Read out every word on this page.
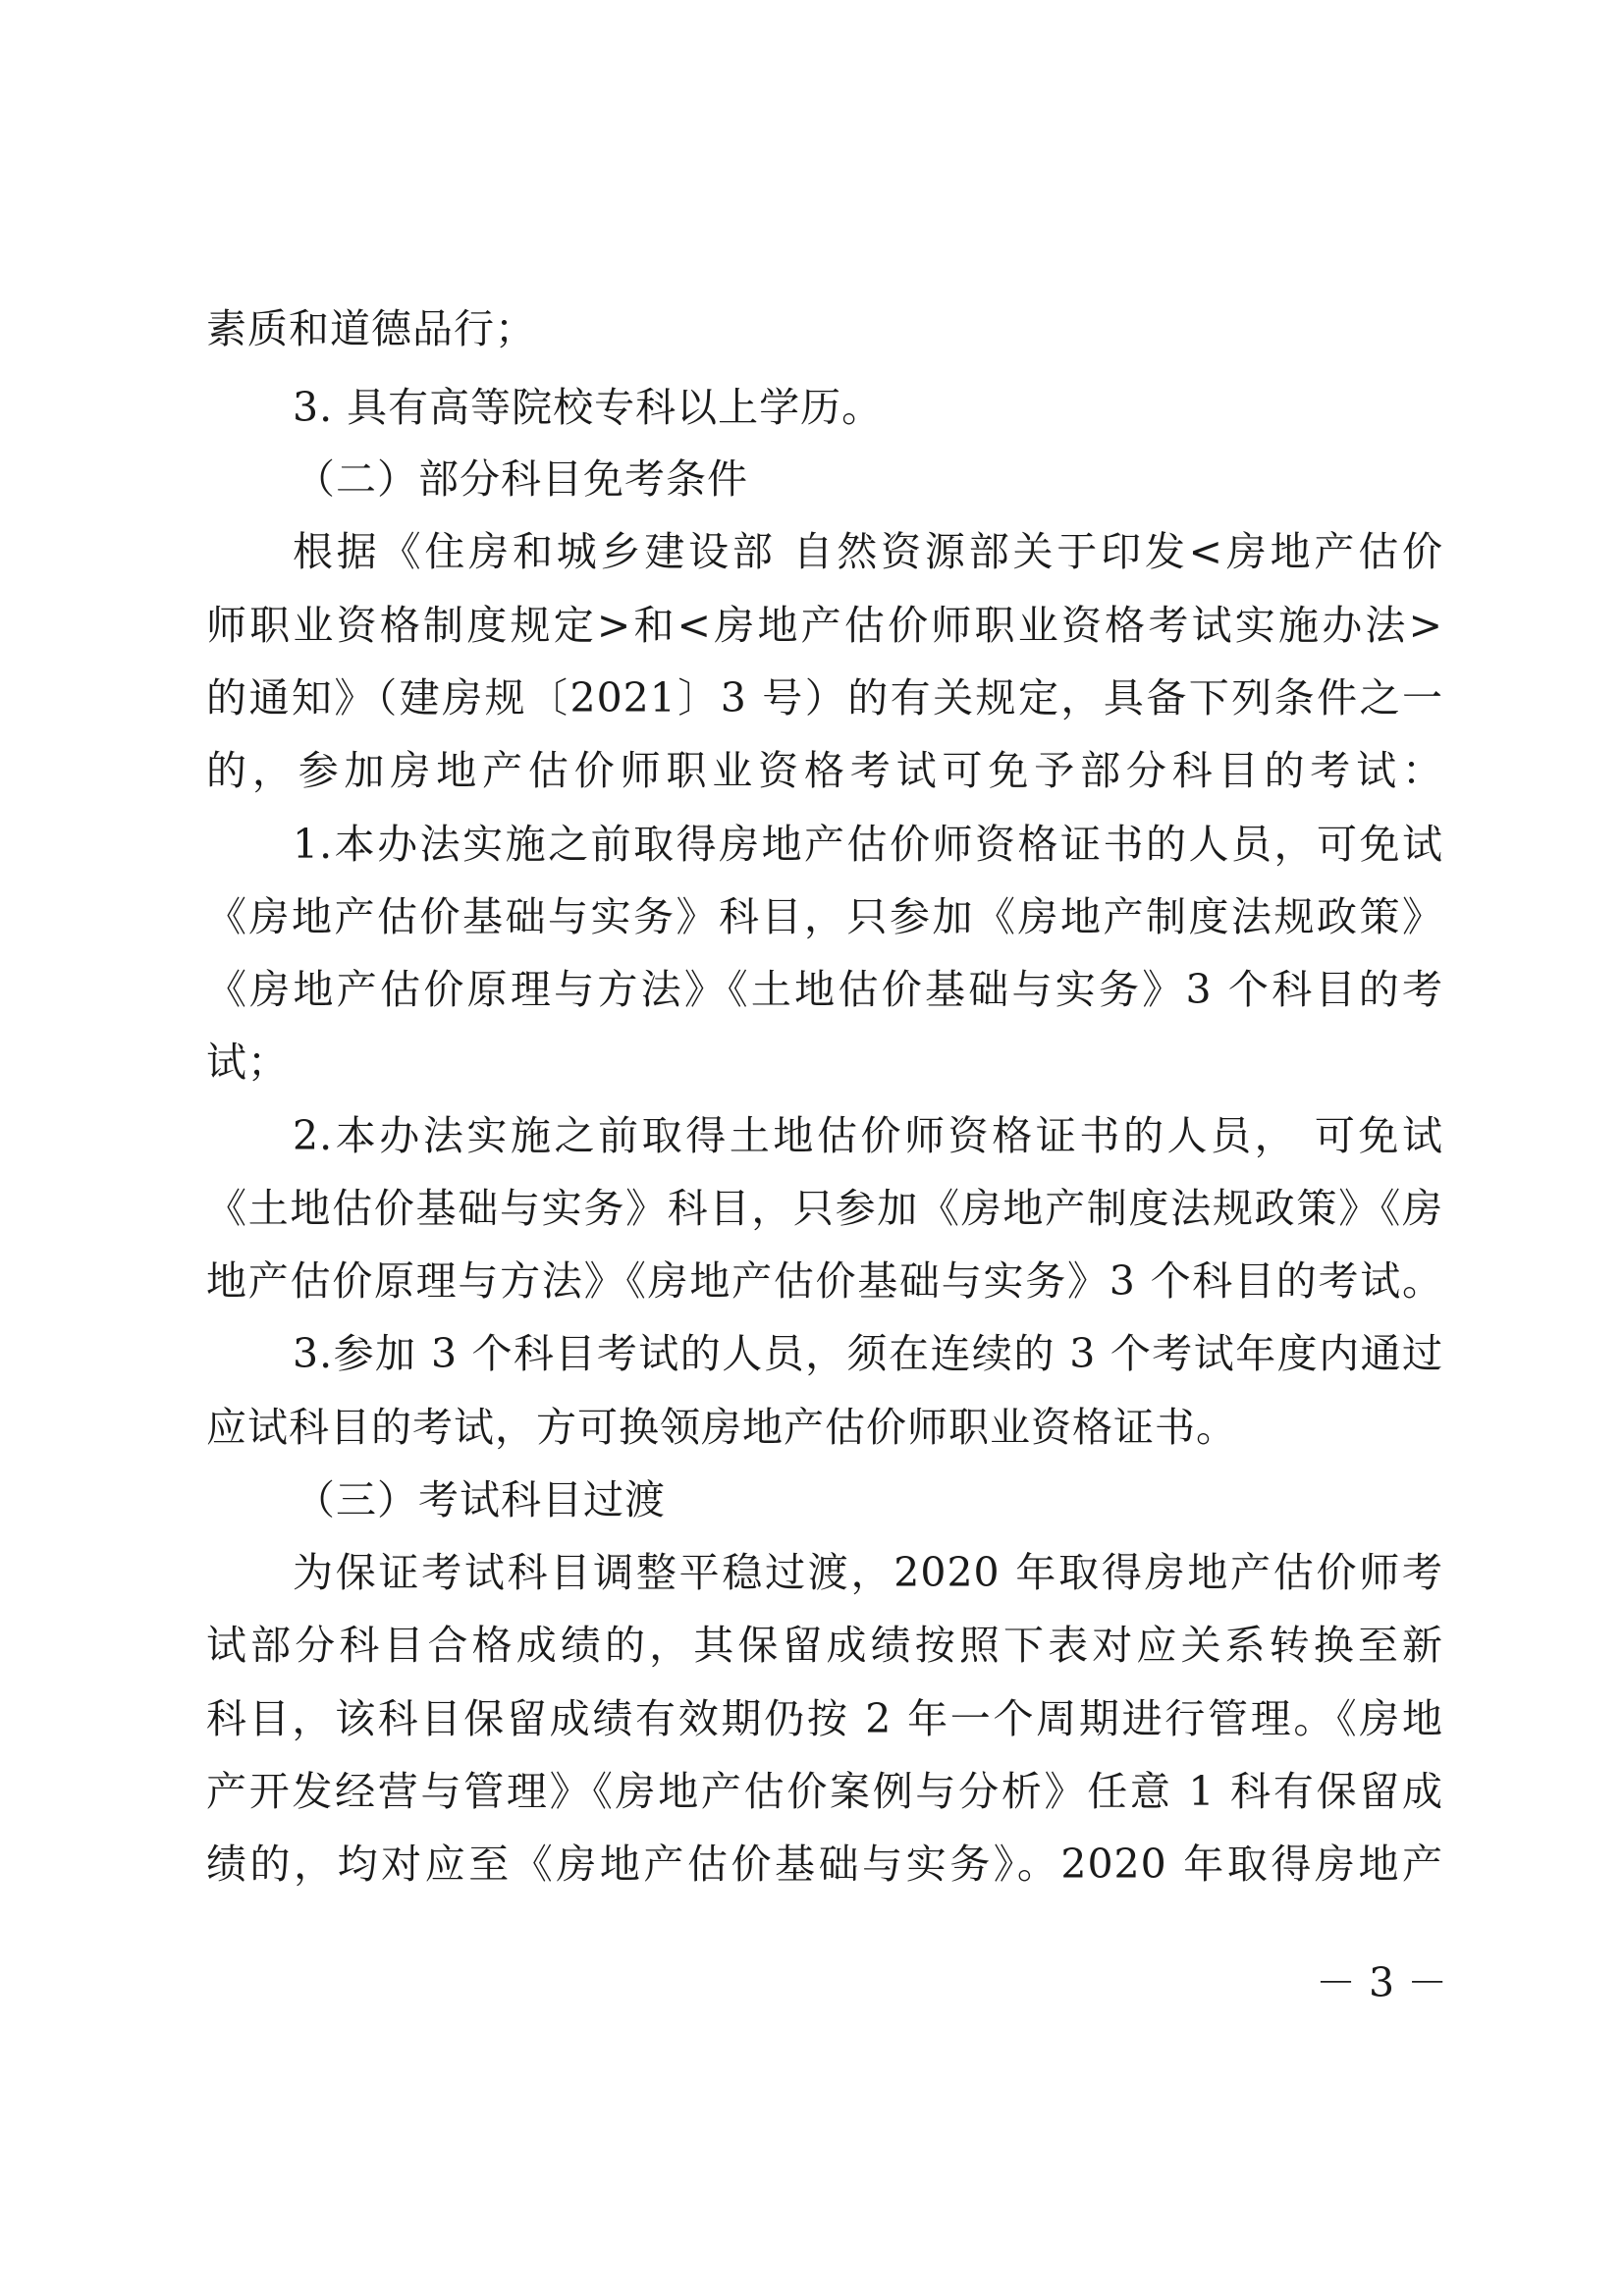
素质和道德品行；
3. 具有高等院校专科以上学历。
（二）部分科目免考条件
根据《住房和城乡建设部 自然资源部关于印发<房地产估价
师职业资格制度规定>和<房地产估价师职业资格考试实施办法>
的通知》（建房规〔2021〕3 号）的有关规定，具备下列条件之一
的，参加房地产估价师职业资格考试可免予部分科目的考试：
1.本办法实施之前取得房地产估价师资格证书的人员，可免试
《房地产估价基础与实务》科目，只参加《房地产制度法规政策》
《房地产估价原理与方法》《土地估价基础与实务》3 个科目的考
试；
2.本办法实施之前取得土地估价师资格证书的人员， 可免试
《土地估价基础与实务》科目，只参加《房地产制度法规政策》《房
地产估价原理与方法》《房地产估价基础与实务》3 个科目的考试。
3.参加 3 个科目考试的人员，须在连续的 3 个考试年度内通过
应试科目的考试，方可换领房地产估价师职业资格证书。
（三）考试科目过渡
为保证考试科目调整平稳过渡，2020 年取得房地产估价师考
试部分科目合格成绩的，其保留成绩按照下表对应关系转换至新
科目，该科目保留成绩有效期仍按 2 年一个周期进行管理。《房地
产开发经营与管理》《房地产估价案例与分析》任意 1 科有保留成
绩的，均对应至《房地产估价基础与实务》。2020 年取得房地产
－ 3 －
